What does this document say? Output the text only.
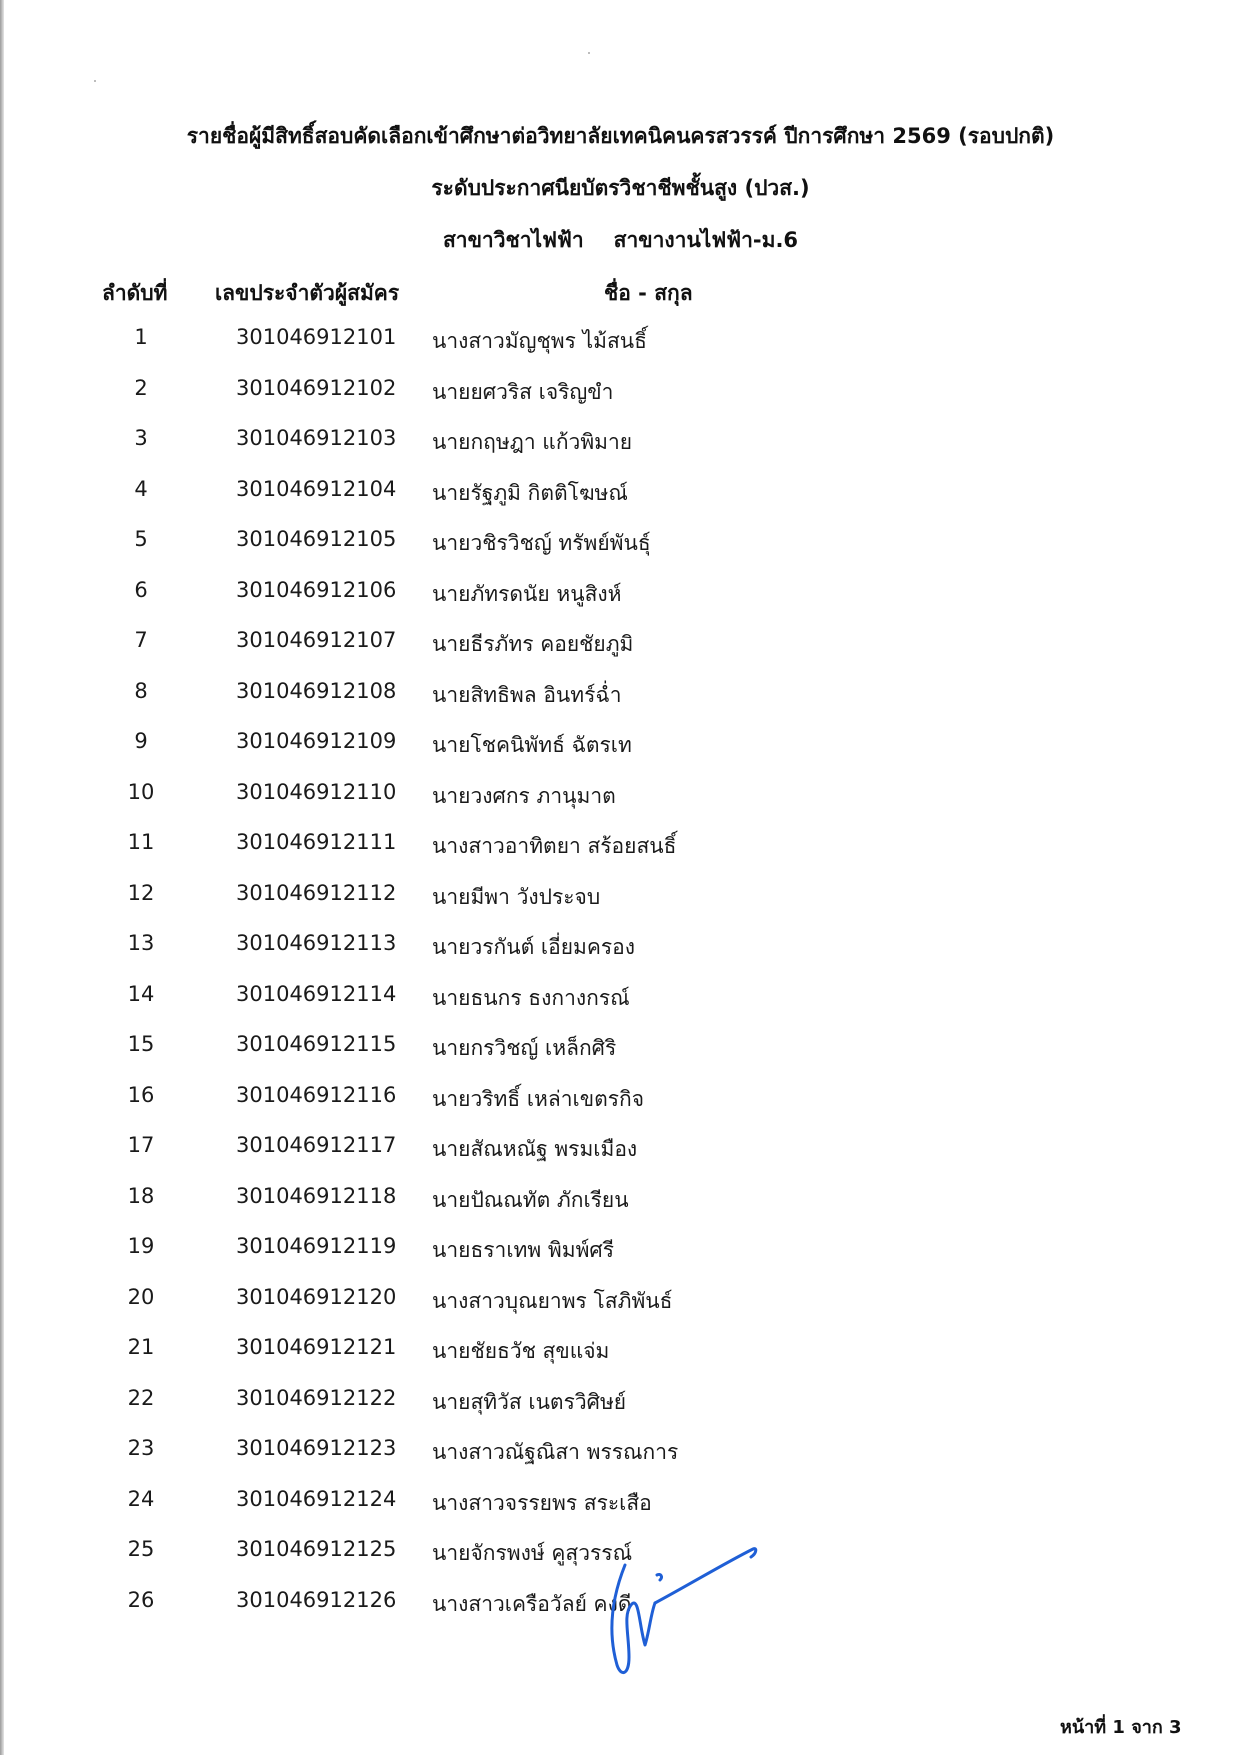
รายชื่อผู้มีสิทธิ์สอบคัดเลือกเข้าศึกษาต่อวิทยาลัยเทคนิคนครสวรรค์ ปีการศึกษา 2569 (รอบปกติ)
ระดับประกาศนียบัตรวิชาชีพชั้นสูง (ปวส.)
สาขาวิชาไฟฟ้า สาขางานไฟฟ้า-ม.6
ลำดับที่ เลขประจำตัวผู้สมัคร	ชื่อ - สกุล
1	301046912101 นางสาวมัญชุพร ไม้สนธิ์
2	301046912102 นายยศวริส เจริญขำ
3	301046912103 นายกฤษฎา แก้วพิมาย
4	301046912104 นายรัฐภูมิ กิตติโฆษณ์
5	301046912105 นายวชิรวิชญ์ ทรัพย์พันธุ์
6	301046912106 นายภัทรดนัย หนูสิงห์
7	301046912107 นายธีรภัทร คอยชัยภูมิ
8	301046912108 นายสิทธิพล อินทร์ฉ่ำ
9	301046912109 นายโชคนิพัทธ์ ฉัตรเท
10	301046912110 นายวงศกร ภานุมาต
11	301046912111 นางสาวอาทิตยา สร้อยสนธิ์
12	301046912112 นายมีพา วังประจบ
13	301046912113 นายวรกันต์ เอี่ยมครอง
14	301046912114 นายธนกร ธงกางกรณ์
15	301046912115 นายกรวิชญ์ เหล็กศิริ
16	301046912116 นายวริทธิ์ เหล่าเขตรกิจ
17	301046912117 นายสัณหณัฐ พรมเมือง
18	301046912118 นายปัณณทัต ภักเรียน
19	301046912119 นายธราเทพ พิมพ์ศรี
20	301046912120 นางสาวบุณยาพร โสภิพันธ์
21	301046912121 นายชัยธวัช สุขแจ่ม
22	301046912122 นายสุทิวัส เนตรวิศิษย์
23	301046912123 นางสาวณัฐณิสา พรรณการ
24	301046912124 นางสาวจรรยพร สระเสือ
25	301046912125 นายจักรพงษ์ คูสุวรรณ์
26	301046912126 นางสาวเครือวัลย์ คงดี
หน้าที่ 1 จาก 3
